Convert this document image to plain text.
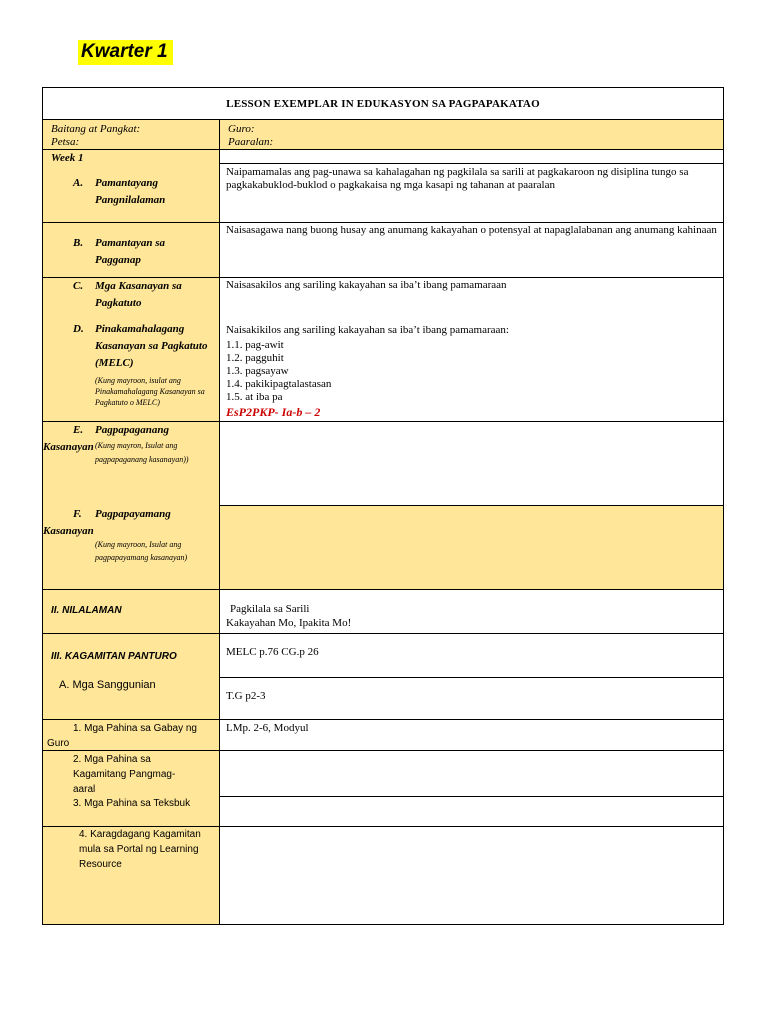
Kwarter 1
LESSON EXEMPLAR IN EDUKASYON SA PAGPAPAKATAO
Baitang at Pangkat:
Petsa:
Guro:
Paaralan:
Week 1
A. Pamantayang Pangnilalaman
Naipamamalas ang pag-unawa sa kahalagahan ng pagkilala sa sarili at pagkakaroon ng disiplina tungo sa pagkakabuklod-buklod o pagkakaisa ng mga kasapi ng tahanan at paaralan
B. Pamantayan sa Pagganap
Naisasagawa nang buong husay ang anumang kakayahan o potensyal at napaglalabanan ang anumang kahinaan
C. Mga Kasanayan sa Pagkatuto
D. Pinakamahalagang Kasanayan sa Pagkatuto (MELC)
(Kung mayroon, isulat ang Pinakamahalagang Kasanayan sa Pagkatuto o MELC)
Naisasakilos ang sariling kakayahan sa iba’t ibang pamamaraan
Naisakikilos ang sariling kakayahan sa iba’t ibang pamamaraan:
1.1. pag-awit
1.2. pagguhit
1.3. pagsayaw
1.4. pakikipagtalastasan
1.5. at iba pa
EsP2PKP- Ia-b – 2
E. Pagpapaganang Kasanayan (Kung mayron, Isulat ang pagpapaganang kasanayan))
F. Pagpapayamang Kasanayan
(Kung mayroon, Isulat ang pagpapayamang kasanayan)
II. NILALAMAN	Pagkilala sa Sarili
Kakayahan Mo, Ipakita Mo!
III. KAGAMITAN PANTURO
A. Mga Sanggunian
MELC p.76 CG.p 26
T.G p2-3
1. Mga Pahina sa Gabay ng Guro
LMp. 2-6, Modyul
2. Mga Pahina sa Kagamitang Pangmag-aaral
3. Mga Pahina sa Teksbuk
4. Karagdagang Kagamitan mula sa Portal ng Learning Resource
